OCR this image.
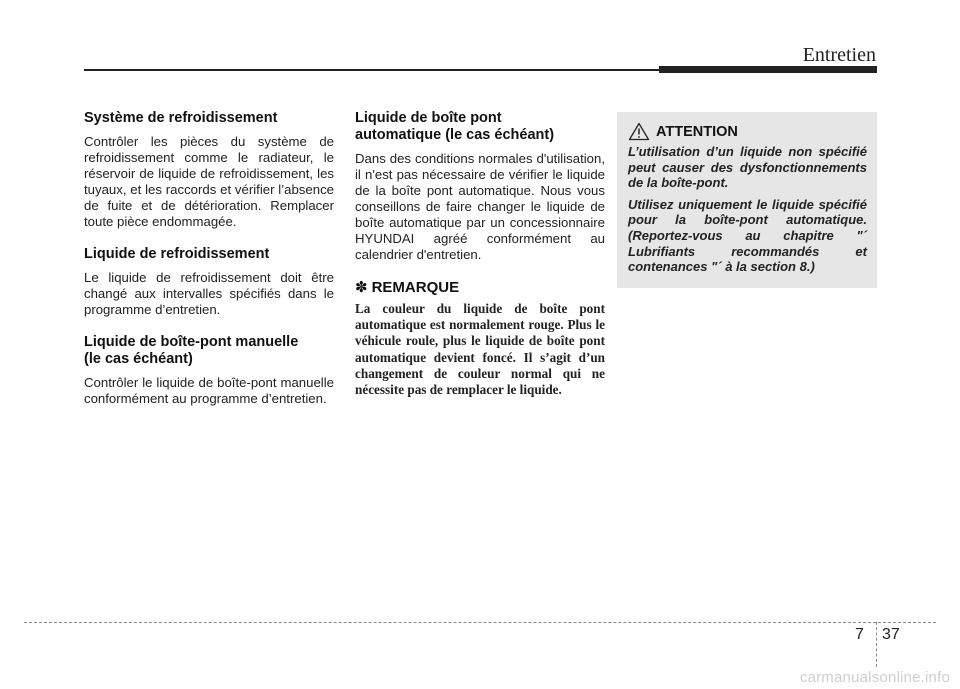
Entretien
Système de refroidissement

Contrôler les pièces du système de refroidissement comme le radiateur, le réservoir de liquide de refroidissement, les tuyaux, et les raccords et vérifier l’absence de fuite et de détérioration. Remplacer toute pièce endommagée.

Liquide de refroidissement

Le liquide de refroidissement doit être changé aux intervalles spécifiés dans le programme d’entretien.

Liquide de boîte-pont manuelle
(le cas échéant)

Contrôler le liquide de boîte-pont manuelle conformément au programme d’entretien.

Liquide de boîte pont
automatique (le cas échéant)

Dans des conditions normales d'utilisation, il n'est pas nécessaire de vérifier le liquide de la boîte pont automatique. Nous vous conseillons de faire changer le liquide de boîte automatique par un concessionnaire HYUNDAI agréé conformément au calendrier d'entretien.

✽ REMARQUE

La couleur du liquide de boîte pont automatique est normalement rouge. Plus le véhicule roule, plus le liquide de boîte pont automatique devient foncé. Il s’agit d’un changement de couleur normal qui ne nécessite pas de remplacer le liquide.

ATTENTION

L’utilisation d’un liquide non spécifié peut causer des dysfonctionnements de la boîte-pont.

Utilisez uniquement le liquide spécifié pour la boîte-pont automatique. (Reportez-vous au chapitre "´ Lubrifiants recommandés et contenances "´ à la section 8.)

7 37
carmanualsonline.info
